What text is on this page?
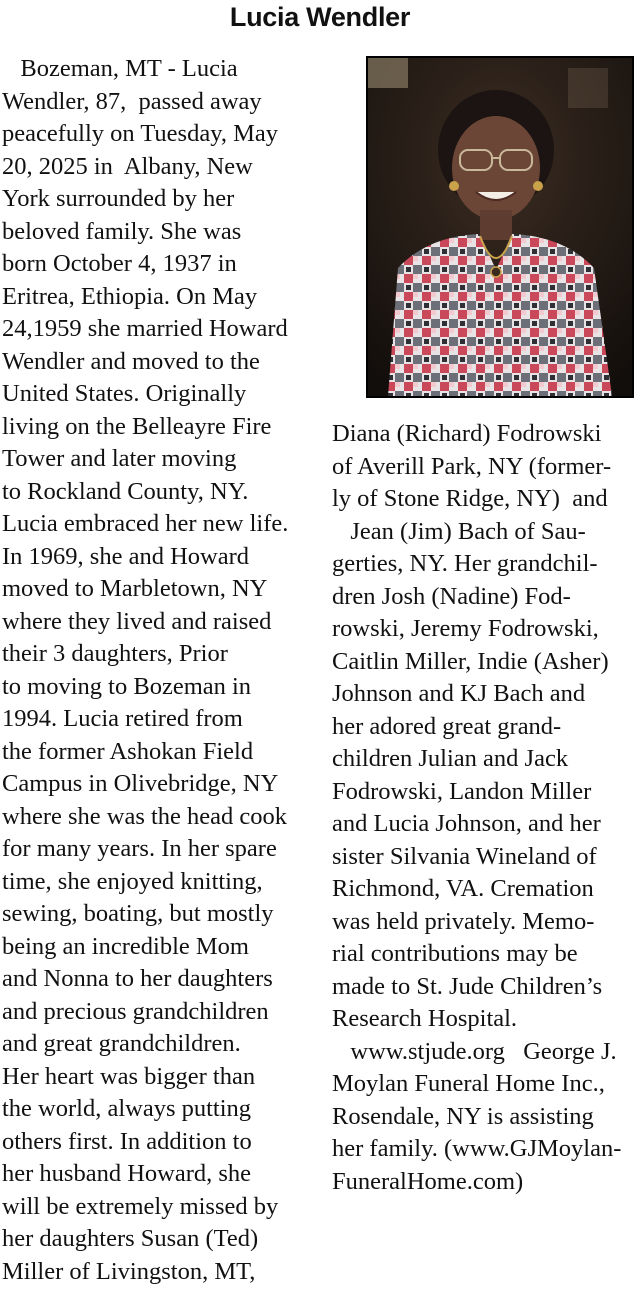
Lucia Wendler
Bozeman, MT - Lucia
Wendler, 87,  passed away
peacefully on Tuesday, May
20, 2025 in  Albany, New
York surrounded by her
beloved family. She was
born October 4, 1937 in
Eritrea, Ethiopia. On May
24,1959 she married Howard
Wendler and moved to the
United States. Originally
living on the Belleayre Fire
Tower and later moving
to Rockland County, NY.
Lucia embraced her new life.
In 1969, she and Howard
moved to Marbletown, NY
where they lived and raised
their 3 daughters, Prior
to moving to Bozeman in
1994. Lucia retired from
the former Ashokan Field
Campus in Olivebridge, NY
where she was the head cook
for many years. In her spare
time, she enjoyed knitting,
sewing, boating, but mostly
being an incredible Mom
and Nonna to her daughters
and precious grandchildren
and great grandchildren.
Her heart was bigger than
the world, always putting
others first. In addition to
her husband Howard, she
will be extremely missed by
her daughters Susan (Ted)
Miller of Livingston, MT,
Diana (Richard) Fodrowski
of Averill Park, NY (former-
ly of Stone Ridge, NY)  and
Jean (Jim) Bach of Sau-
gerties, NY. Her grandchil-
dren Josh (Nadine) Fod-
rowski, Jeremy Fodrowski,
Caitlin Miller, Indie (Asher)
Johnson and KJ Bach and
her adored great grand-
children Julian and Jack
Fodrowski, Landon Miller
and Lucia Johnson, and her
sister Silvania Wineland of
Richmond, VA. Cremation
was held privately. Memo-
rial contributions may be
made to St. Jude Children’s
Research Hospital.
www.stjude.org   George J.
Moylan Funeral Home Inc.,
Rosendale, NY is assisting
her family. (www.GJMoylan-
FuneralHome.com)
